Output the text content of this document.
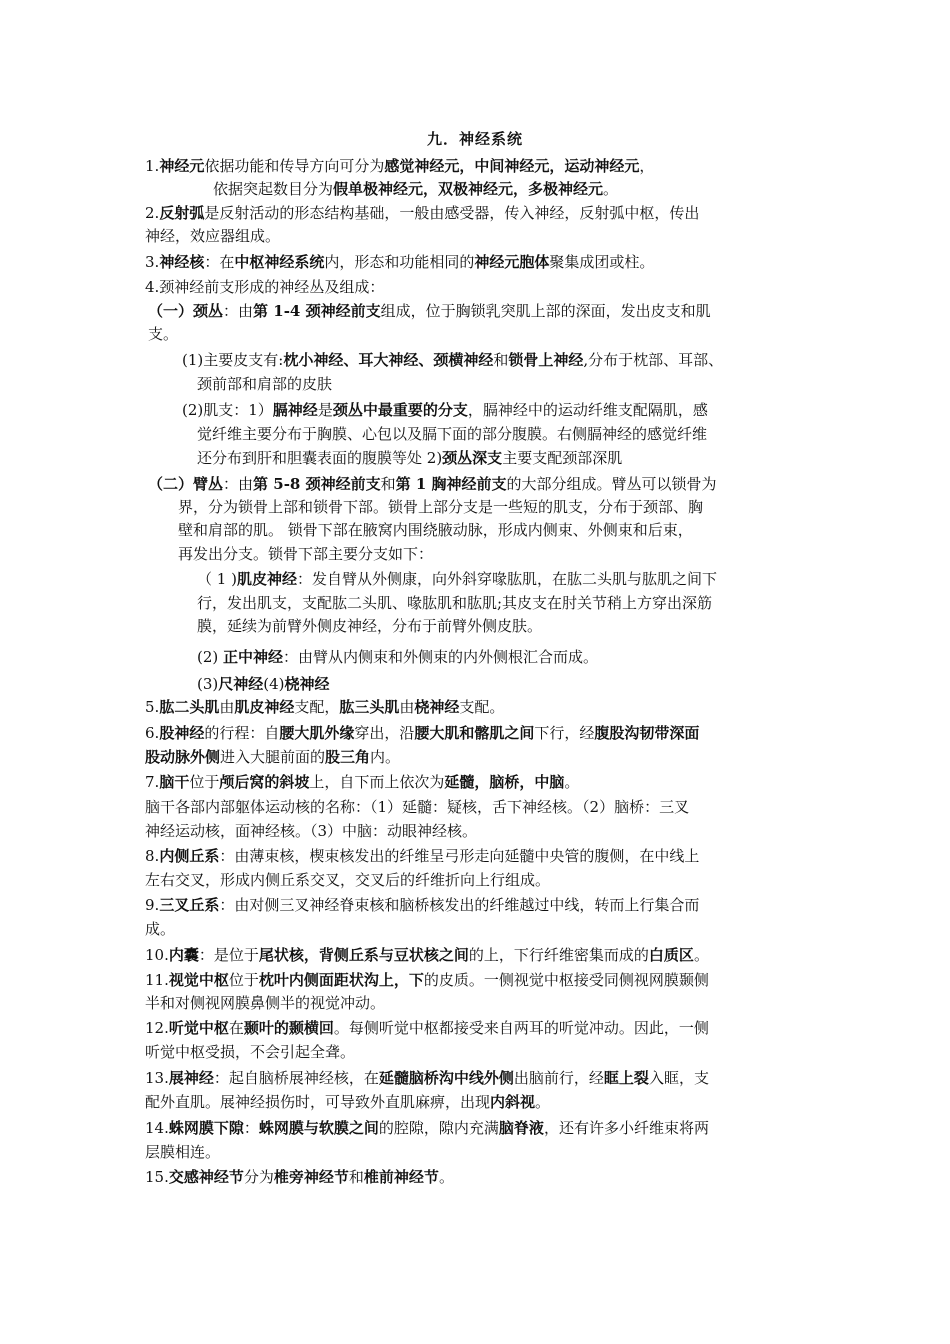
九．神经系统
1.神经元依据功能和传导方向可分为感觉神经元，中间神经元，运动神经元，
依据突起数目分为假单极神经元，双极神经元，多极神经元。
2.反射弧是反射活动的形态结构基础，一般由感受器，传入神经，反射弧中枢，传出
神经，效应器组成。
3.神经核：在中枢神经系统内，形态和功能相同的神经元胞体聚集成团或柱。
4.颈神经前支形成的神经丛及组成：
（一）颈丛：由第 1-4 颈神经前支组成，位于胸锁乳突肌上部的深面，发出皮支和肌
支。
(1)主要皮支有:枕小神经、耳大神经、颈横神经和锁骨上神经,分布于枕部、耳部、
颈前部和肩部的皮肤
(2)肌支：1）膈神经是颈丛中最重要的分支，膈神经中的运动纤维支配隔肌，感
觉纤维主要分布于胸膜、心包以及膈下面的部分腹膜。右侧膈神经的感觉纤维
还分布到肝和胆囊表面的腹膜等处 2)颈丛深支主要支配颈部深肌
（二）臂丛：由第 5-8 颈神经前支和第 1 胸神经前支的大部分组成。臂丛可以锁骨为
界，分为锁骨上部和锁骨下部。锁骨上部分支是一些短的肌支，分布于颈部、胸
壁和肩部的肌。 锁骨下部在腋窝内围绕腋动脉，形成内侧束、外侧束和后束，
再发出分支。锁骨下部主要分支如下：
（ 1 )肌皮神经：发自臂从外侧康，向外斜穿喙肱肌，在肱二头肌与肱肌之间下
行，发出肌支，支配肱二头肌、喙肱肌和肱肌;其皮支在肘关节稍上方穿出深筋
膜，延续为前臂外侧皮神经，分布于前臂外侧皮肤。
(2) 正中神经：由臂从内侧束和外侧束的内外侧根汇合而成。
(3)尺神经(4)桡神经
5.肱二头肌由肌皮神经支配，肱三头肌由桡神经支配。
6.股神经的行程：自腰大肌外缘穿出，沿腰大肌和髂肌之间下行，经腹股沟韧带深面
股动脉外侧进入大腿前面的股三角内。
7.脑干位于颅后窝的斜坡上，自下而上依次为延髓，脑桥，中脑。
脑干各部内部躯体运动核的名称：（1）延髓：疑核，舌下神经核。（2）脑桥：三叉
神经运动核，面神经核。（3）中脑：动眼神经核。
8.内侧丘系：由薄束核，楔束核发出的纤维呈弓形走向延髓中央管的腹侧，在中线上
左右交叉，形成内侧丘系交叉，交叉后的纤维折向上行组成。
9.三叉丘系：由对侧三叉神经脊束核和脑桥核发出的纤维越过中线，转而上行集合而
成。
10.内囊：是位于尾状核，背侧丘系与豆状核之间的上，下行纤维密集而成的白质区。
11.视觉中枢位于枕叶内侧面距状沟上，下的皮质。一侧视觉中枢接受同侧视网膜颞侧
半和对侧视网膜鼻侧半的视觉冲动。
12.听觉中枢在颞叶的颞横回。每侧听觉中枢都接受来自两耳的听觉冲动。因此，一侧
听觉中枢受损，不会引起全聋。
13.展神经：起自脑桥展神经核，在延髓脑桥沟中线外侧出脑前行，经眶上裂入眶，支
配外直肌。展神经损伤时，可导致外直肌麻痹，出现内斜视。
14.蛛网膜下隙：蛛网膜与软膜之间的腔隙，隙内充满脑脊液，还有许多小纤维束将两
层膜相连。
15.交感神经节分为椎旁神经节和椎前神经节。
